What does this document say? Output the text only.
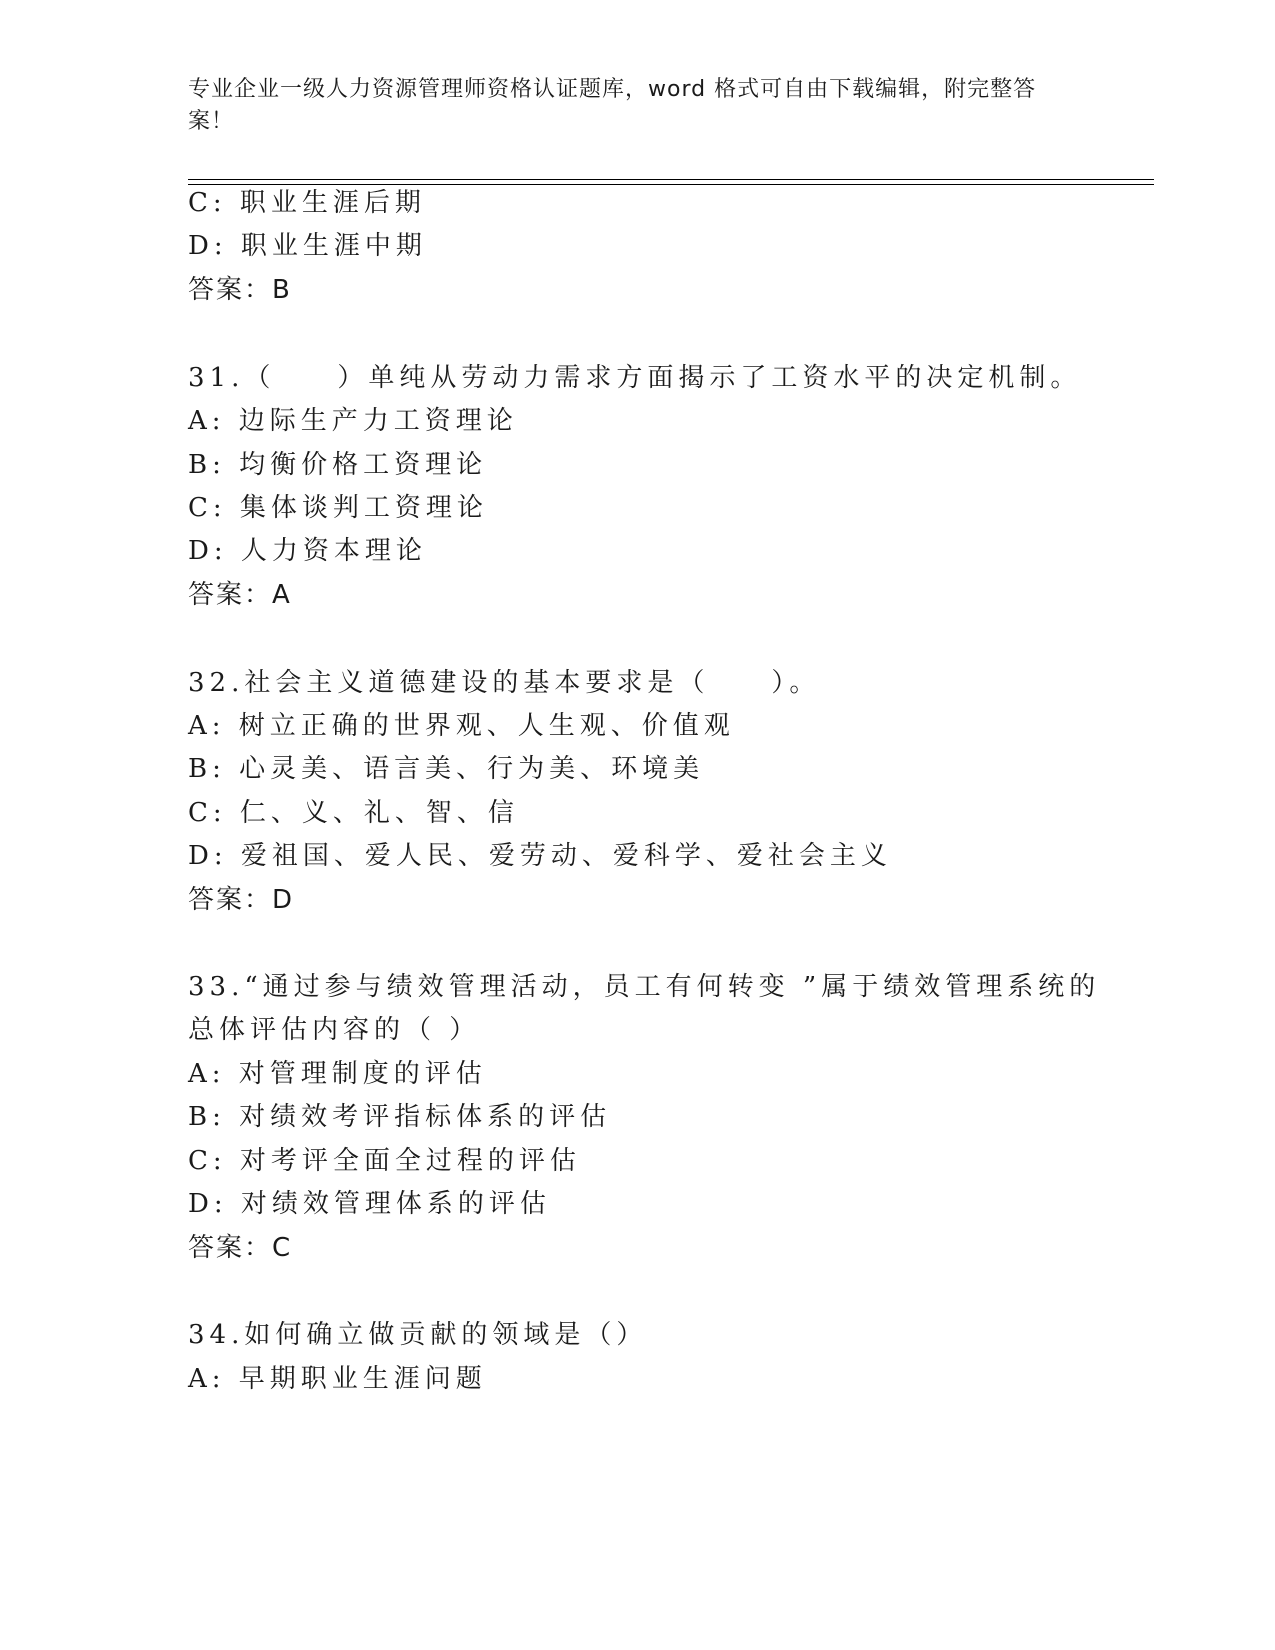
专业企业一级人力资源管理师资格认证题库，word 格式可自由下载编辑，附完整答案！
C: 职业生涯后期
D: 职业生涯中期
答案：B
31.（　　）单纯从劳动力需求方面揭示了工资水平的决定机制。
A: 边际生产力工资理论
B: 均衡价格工资理论
C: 集体谈判工资理论
D: 人力资本理论
答案：A
32.社会主义道德建设的基本要求是（　　）。
A: 树立正确的世界观、人生观、价值观
B: 心灵美、语言美、行为美、环境美
C: 仁、义、礼、智、信
D: 爱祖国、爱人民、爱劳动、爱科学、爱社会主义
答案：D
33.“通过参与绩效管理活动，员工有何转变 ”属于绩效管理系统的
总体评估内容的（ ）
A: 对管理制度的评估
B: 对绩效考评指标体系的评估
C: 对考评全面全过程的评估
D: 对绩效管理体系的评估
答案：C
34.如何确立做贡献的领域是（）
A: 早期职业生涯问题
